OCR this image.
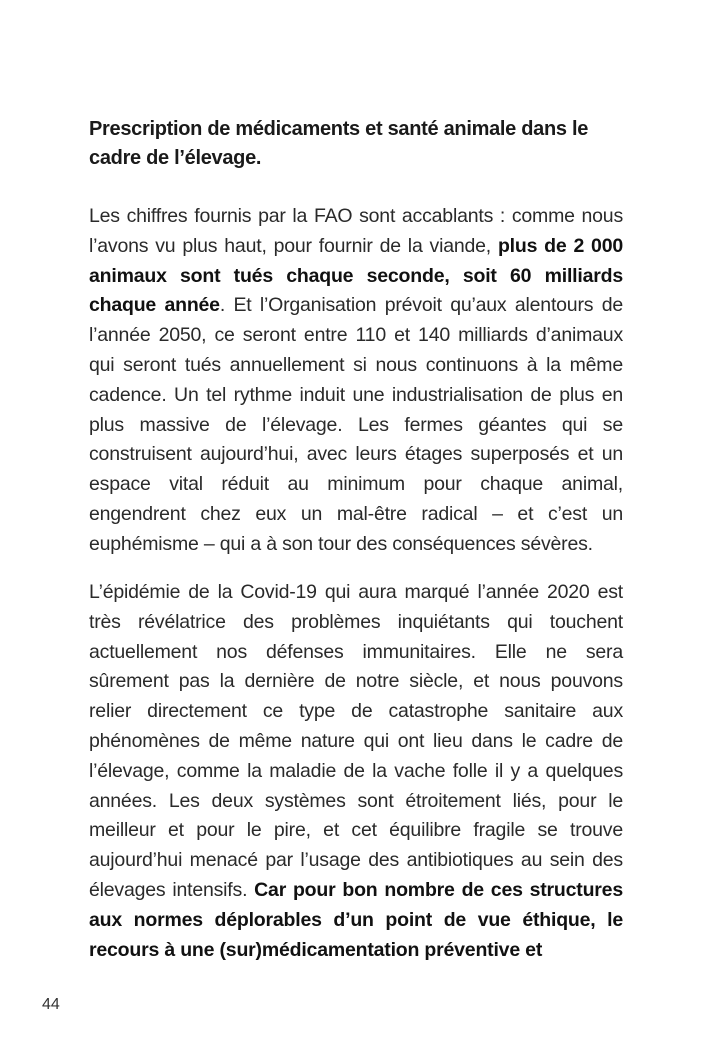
Prescription de médicaments et santé animale dans le cadre de l’élevage.

Les chiffres fournis par la FAO sont accablants : comme nous l’avons vu plus haut, pour fournir de la viande, plus de 2 000 animaux sont tués chaque seconde, soit 60 milliards chaque année. Et l’Organisation prévoit qu’aux alentours de l’année 2050, ce seront entre 110 et 140 milliards d’animaux qui seront tués annuellement si nous continuons à la même cadence. Un tel rythme induit une industrialisation de plus en plus massive de l’élevage. Les fermes géantes qui se construisent aujourd’hui, avec leurs étages superposés et un espace vital réduit au minimum pour chaque animal, engendrent chez eux un mal-être radical – et c’est un euphémisme – qui a à son tour des conséquences sévères.

L’épidémie de la Covid-19 qui aura marqué l’année 2020 est très révélatrice des problèmes inquiétants qui touchent actuellement nos défenses immunitaires. Elle ne sera sûrement pas la dernière de notre siècle, et nous pouvons relier directement ce type de catastrophe sanitaire aux phénomènes de même nature qui ont lieu dans le cadre de l’élevage, comme la maladie de la vache folle il y a quelques années. Les deux systèmes sont étroitement liés, pour le meilleur et pour le pire, et cet équilibre fragile se trouve aujourd’hui menacé par l’usage des antibiotiques au sein des élevages intensifs. Car pour bon nombre de ces structures aux normes déplorables d’un point de vue éthique, le recours à une (sur)médicamentation préventive et

44
